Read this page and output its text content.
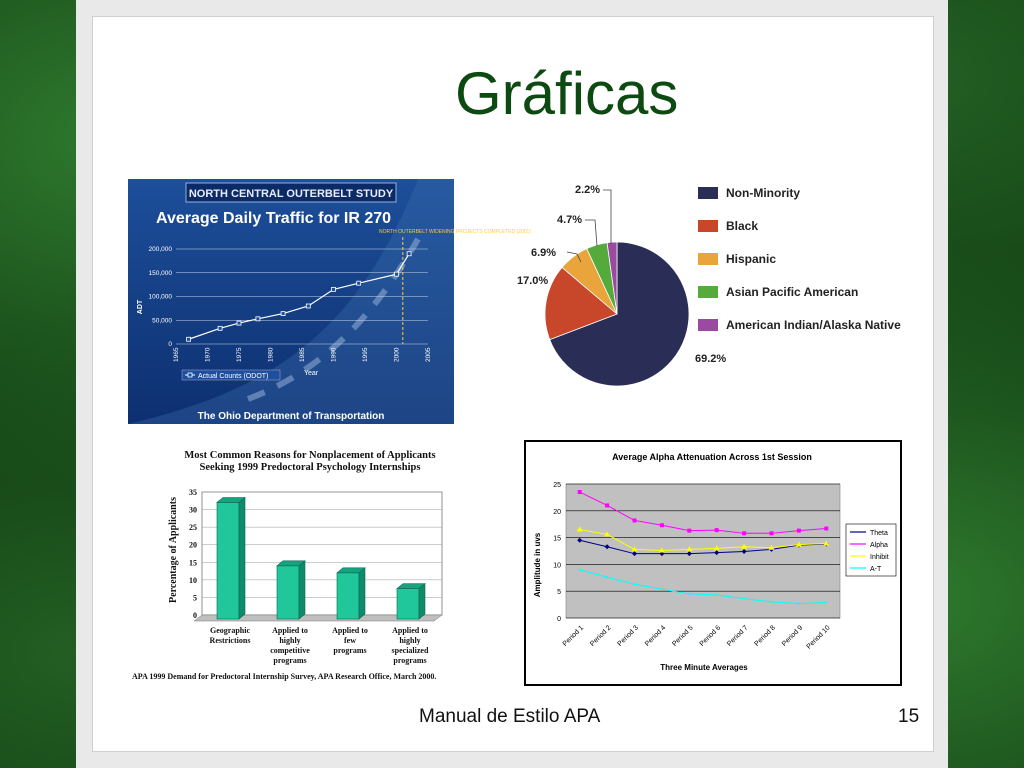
Gráficas
NORTH CENTRAL OUTERBELT STUDY
Average Daily Traffic for IR 270
NORTH OUTERBELT WIDENING PROJECTS COMPLETED (2001)
ADT
Year
Actual Counts (ODOT)
The Ohio Department of Transportation
0
50,000
100,000
150,000
200,000
1965	1970	1975	1980	1985	1990	1995	2000	2005	69.2%
17.0%
6.9%
4.7%
2.2%	Non-Minority
Black
Hispanic
Asian Pacific American
American Indian/Alaska Native
Most Common Reasons for Nonplacement of Applicants
Seeking 1999 Predoctoral Psychology Internships
Percentage of Applicants
APA 1999 Demand for Predoctoral Internship Survey, APA Research Office, March 2000.
0
5
10
15
20
25
30
35
Geographic
Restrictions
Applied to
highly
competitive
programs
Applied to
few
programs
Applied to
highly
specialized
programs
Average Alpha Attenuation Across 1st Session
Amplitude in uvs
Three Minute Averages
0
5
10
15
20
25
Period 1 Period 2 Period 3 Period 4 Period 5 Period 6 Period 7 Period 8 Period 9 Period 10
×
×
×
×
×	×
×
×	×	×
Theta
Alpha
Inhibit
A-T
Manual de Estilo APA	15
